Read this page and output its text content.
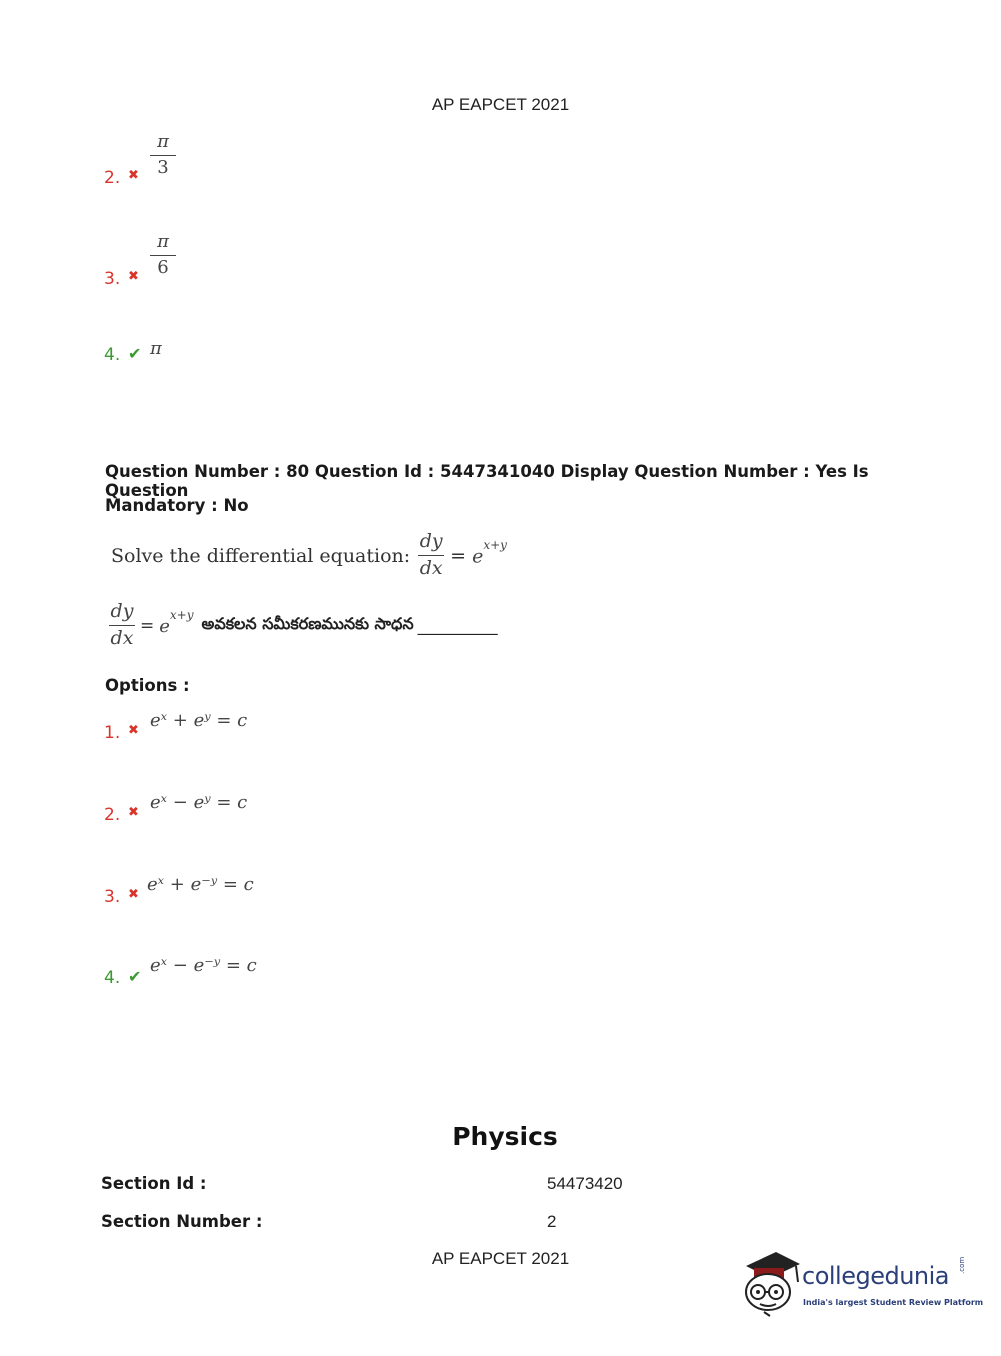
AP EAPCET 2021
2. ✖
π
3
3. ✖
π
6
4. ✔ π
Question Number : 80 Question Id : 5447341040 Display Question Number : Yes Is Question
Mandatory : No
Solve the differential equation: $\frac{dy}{dx} = e^{x+y}$
$\frac{dy}{dx} = e^{x+y}$ అవకలన సమీకరణమునకు సాధన __________
Options :
1. ✖ eˣ + eʸ = c
2. ✖ eˣ − eʸ = c
3. ✖ eˣ + e⁻ʸ = c
4. ✔
eˣ − e⁻ʸ = c
Physics
Section Id :	54473420
Section Number :	2
AP EAPCET 2021
collegedunia .com
India's largest Student Review Platform
